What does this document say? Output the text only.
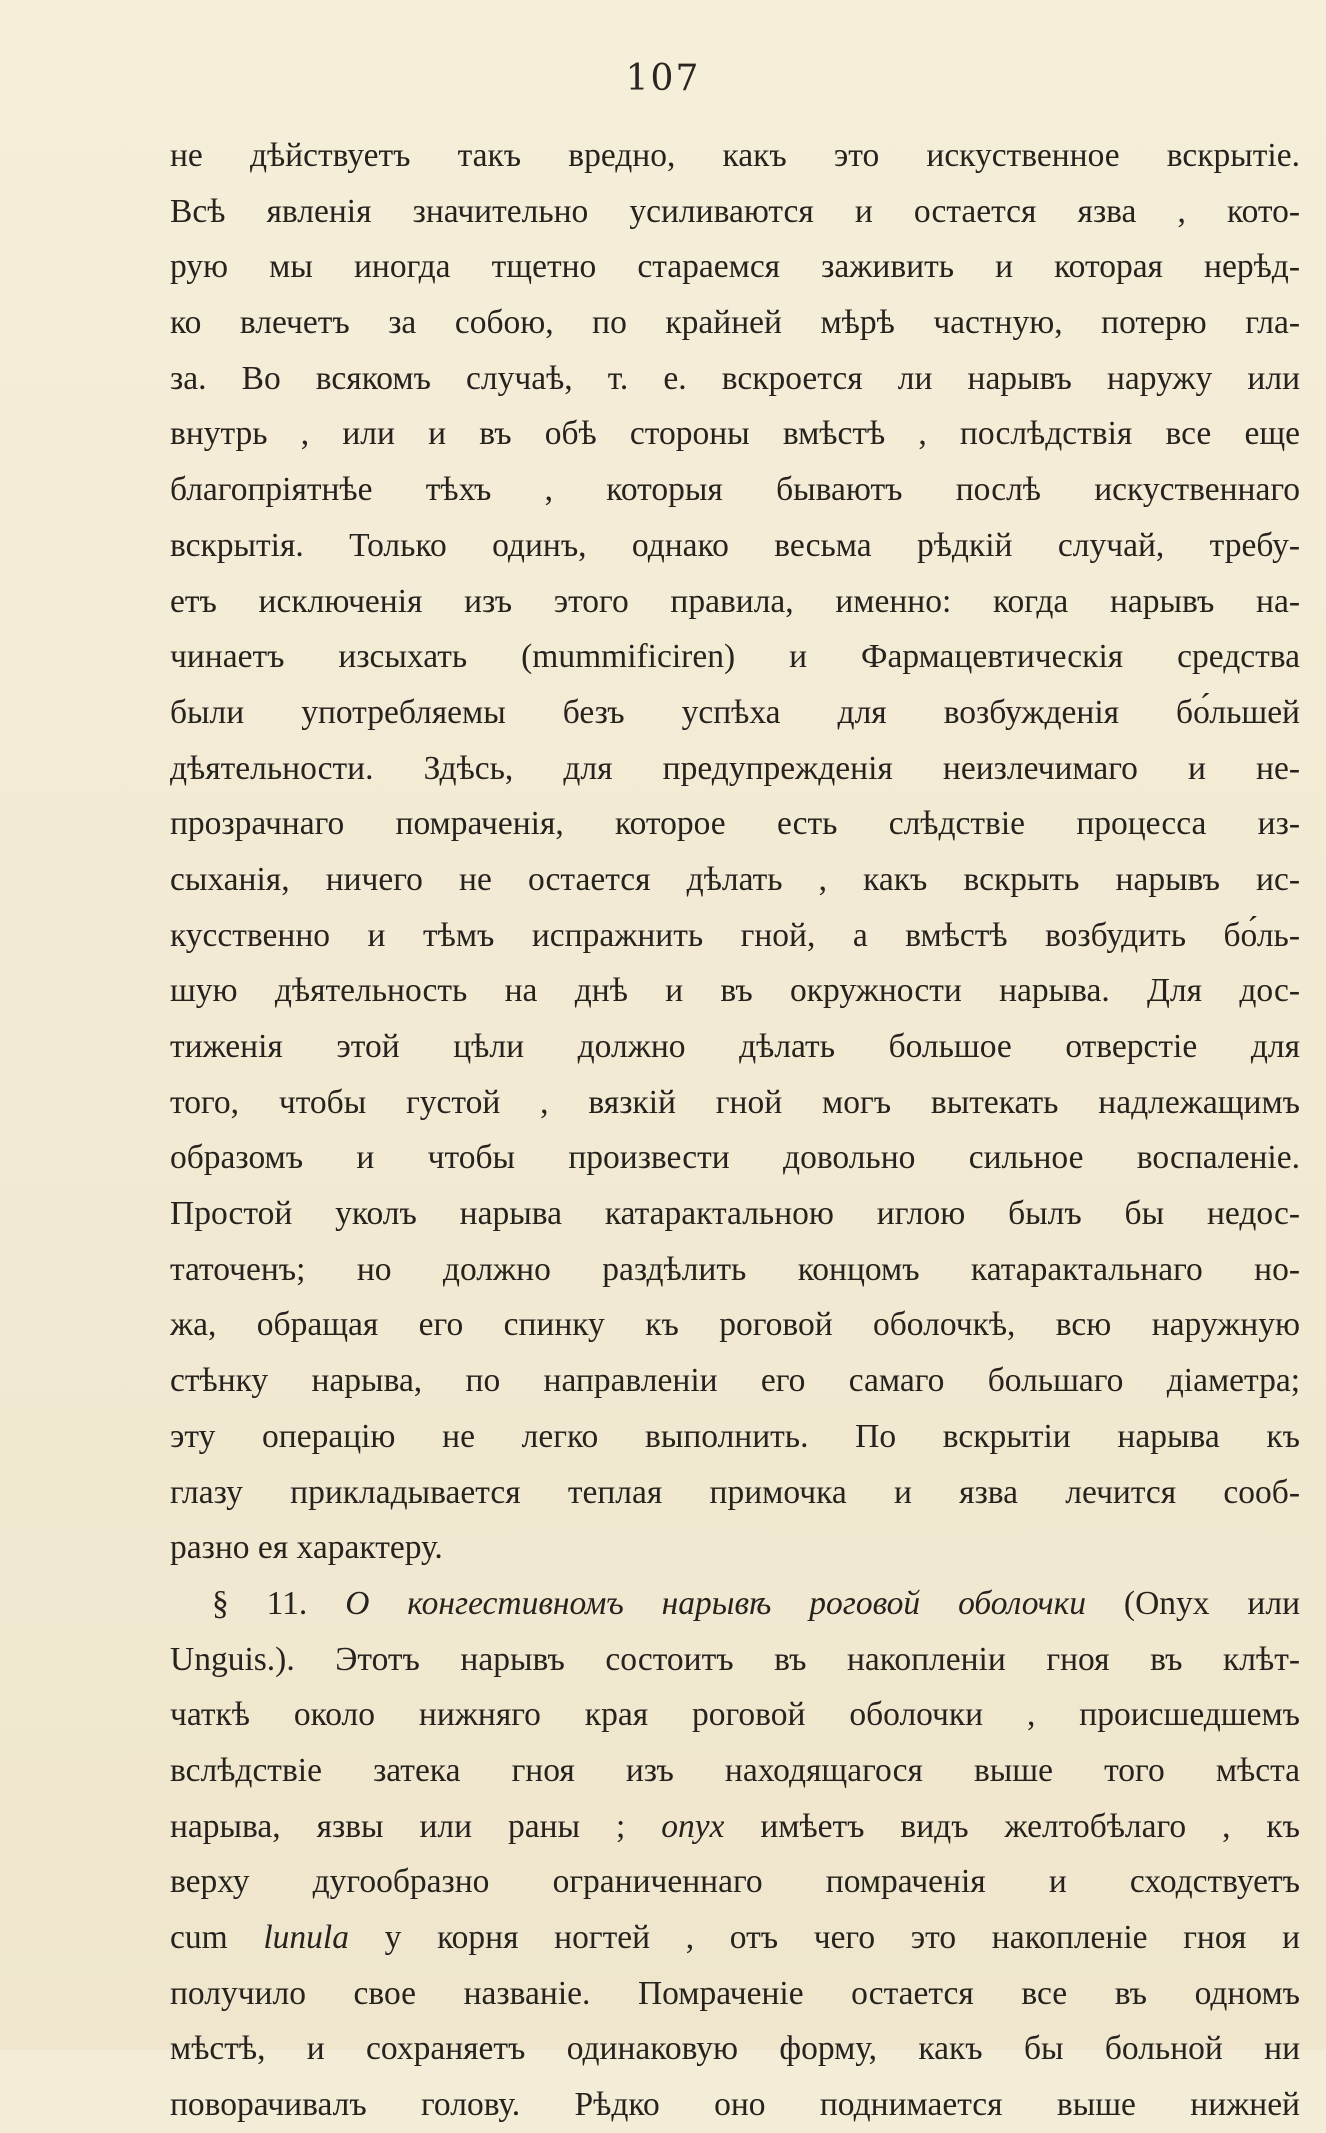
107
не дѣйствуетъ такъ вредно, какъ это искуственное вскрытіе.
Всѣ явленія значительно усиливаются и остается язва , кото-
рую мы иногда тщетно стараемся заживить и которая нерѣд-
ко влечетъ за собою, по крайней мѣрѣ частную, потерю гла-
за. Во всякомъ случаѣ, т. е. вскроется ли нарывъ наружу или
внутрь , или и въ обѣ стороны вмѣстѣ , послѣдствія все еще
благопріятнѣе тѣхъ , которыя бываютъ послѣ искуственнаго
вскрытія. Только одинъ, однако весьма рѣдкій случай, требу-
етъ исключенія изъ этого правила, именно: когда нарывъ на-
чинаетъ изсыхать (mummificiren) и Фармацевтическія средства
были употребляемы безъ успѣха для возбужденія бо́льшей
дѣятельности. Здѣсь, для предупрежденія неизлечимаго и не-
прозрачнаго помраченія, которое есть слѣдствіе процесса из-
сыханія, ничего не остается дѣлать , какъ вскрыть нарывъ ис-
кусственно и тѣмъ испражнить гной, а вмѣстѣ возбудить бо́ль-
шую дѣятельность на днѣ и въ окружности нарыва. Для дос-
тиженія этой цѣли должно дѣлать большое отверстіе для
того, чтобы густой , вязкій гной могъ вытекать надлежащимъ
образомъ и чтобы произвести довольно сильное воспаленіе.
Простой уколъ нарыва катарактальною иглою былъ бы недос-
таточенъ; но должно раздѣлить концомъ катарактальнаго но-
жа, обращая его спинку къ роговой оболочкѣ, всю наружную
стѣнку нарыва, по направленіи его самаго большаго діаметра;
эту операцію не легко выполнить. По вскрытіи нарыва къ
глазу прикладывается теплая примочка и язва лечится сооб-
разно ея характеру.
§ 11. О конгестивномъ нарывѣ роговой оболочки (Onyx или
Unguis.). Этотъ нарывъ состоитъ въ накопленіи гноя въ клѣт-
чаткѣ около нижняго края роговой оболочки , происшедшемъ
вслѣдствіе затека гноя изъ находящагося выше того мѣста
нарыва, язвы или раны ; onyx имѣетъ видъ желтобѣлаго , къ
верху дугообразно ограниченнаго помраченія и сходствуетъ
cum lunula у корня ногтей , отъ чего это накопленіе гноя и
получило свое названіе. Помраченіе остается все въ одномъ
мѣстѣ, и сохраняетъ одинаковую форму, какъ бы больной ни
поворачивалъ голову. Рѣдко оно поднимается выше нижней
